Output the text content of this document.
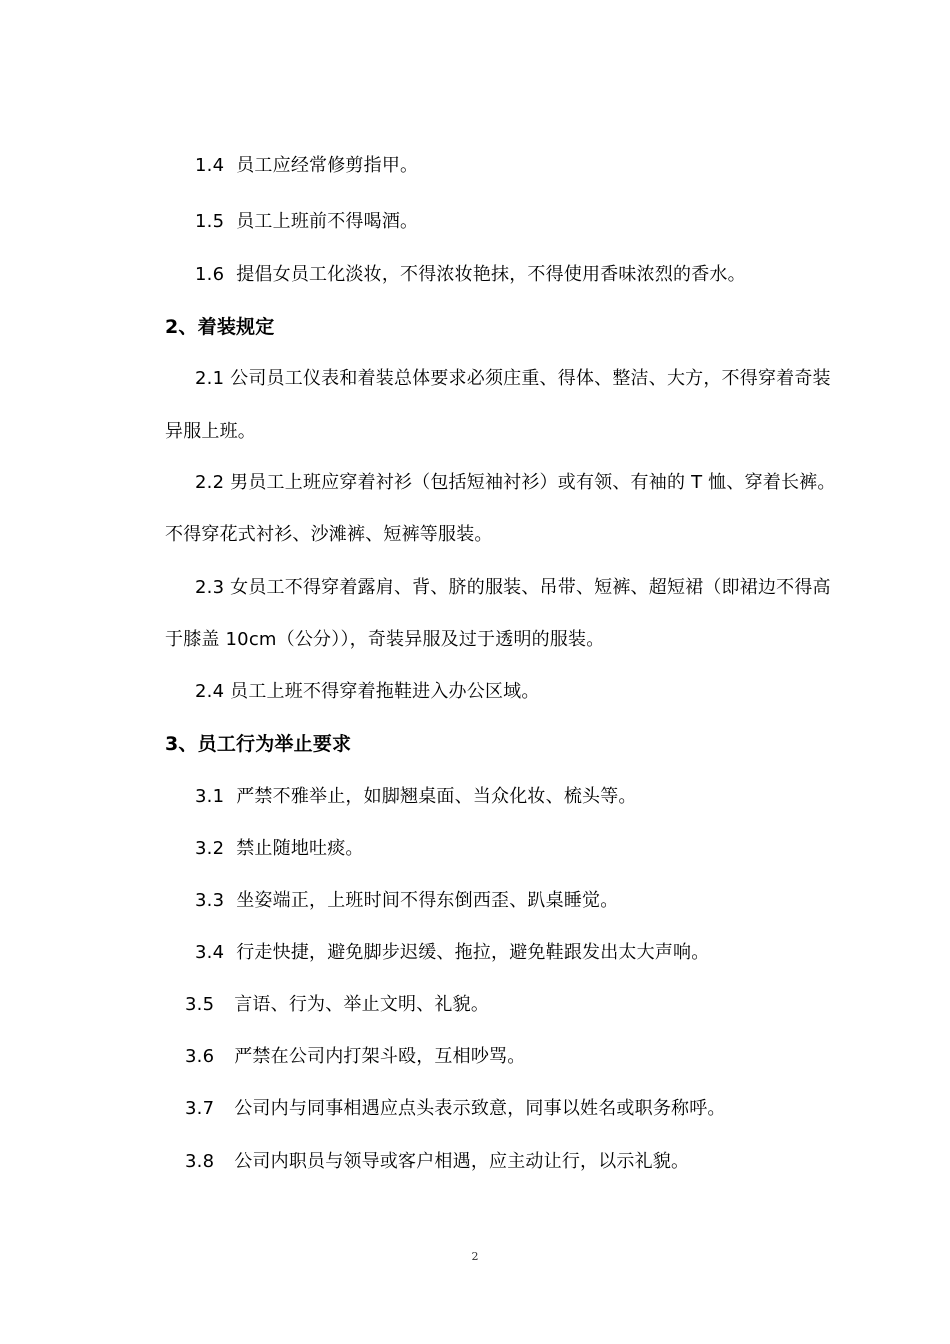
1.4 员工应经常修剪指甲。
1.5 员工上班前不得喝酒。
1.6 提倡女员工化淡妆，不得浓妆艳抹，不得使用香味浓烈的香水。
2、着装规定
2.1 公司员工仪表和着装总体要求必须庄重、得体、整洁、大方，不得穿着奇装
异服上班。
2.2 男员工上班应穿着衬衫（包括短袖衬衫）或有领、有袖的 T 恤、穿着长裤。
不得穿花式衬衫、沙滩裤、短裤等服装。
2.3 女员工不得穿着露肩、背、脐的服装、吊带、短裤、超短裙（即裙边不得高
于膝盖 10cm（公分）），奇装异服及过于透明的服装。
2.4 员工上班不得穿着拖鞋进入办公区域。
3、员工行为举止要求
3.1 严禁不雅举止，如脚翘桌面、当众化妆、梳头等。
3.2 禁止随地吐痰。
3.3 坐姿端正，上班时间不得东倒西歪、趴桌睡觉。
3.4 行走快捷，避免脚步迟缓、拖拉，避免鞋跟发出太大声响。
3.5 言语、行为、举止文明、礼貌。
3.6 严禁在公司内打架斗殴，互相吵骂。
3.7 公司内与同事相遇应点头表示致意，同事以姓名或职务称呼。
3.8 公司内职员与领导或客户相遇，应主动让行，以示礼貌。
2
